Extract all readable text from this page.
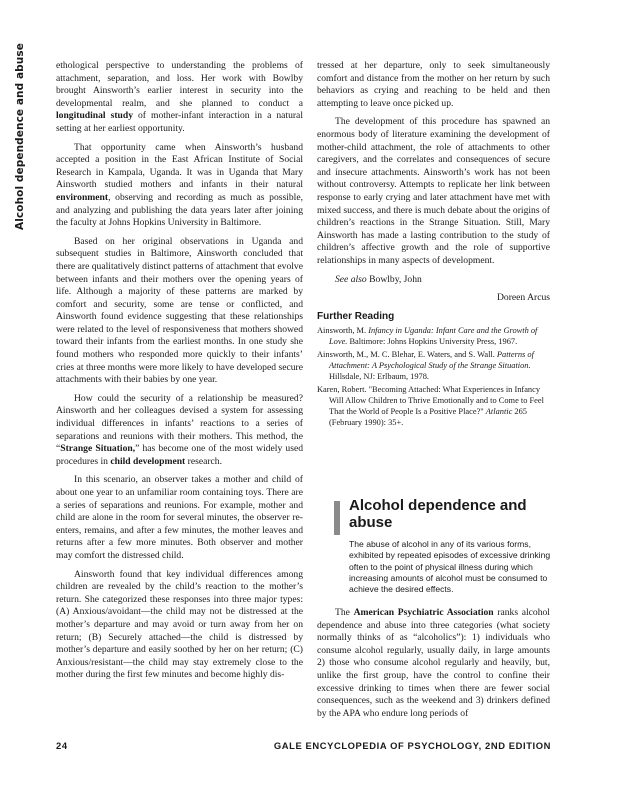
Alcohol dependence and abuse	ethological perspective to understanding the problems of attachment, separation, and loss. Her work with Bowlby brought Ainsworth’s earlier interest in security into the developmental realm, and she planned to conduct a longitudinal study of mother-infant interaction in a natural setting at her earliest opportunity.

That opportunity came when Ainsworth’s husband accepted a position in the East African Institute of Social Research in Kampala, Uganda. It was in Uganda that Mary Ainsworth studied mothers and infants in their natural environment, observing and recording as much as possible, and analyzing and publishing the data years later after joining the faculty at Johns Hopkins University in Baltimore.

Based on her original observations in Uganda and subsequent studies in Baltimore, Ainsworth concluded that there are qualitatively distinct patterns of attachment that evolve between infants and their mothers over the opening years of life. Although a majority of these patterns are marked by comfort and security, some are tense or conflicted, and Ainsworth found evidence suggesting that these relationships were related to the level of responsiveness that mothers showed toward their infants from the earliest months. In one study she found mothers who responded more quickly to their infants’ cries at three months were more likely to have developed secure attachments with their babies by one year.

How could the security of a relationship be measured? Ainsworth and her colleagues devised a system for assessing individual differences in infants’ reactions to a series of separations and reunions with their mothers. This method, the “Strange Situation,” has become one of the most widely used procedures in child development research.

In this scenario, an observer takes a mother and child of about one year to an unfamiliar room containing toys. There are a series of separations and reunions. For example, mother and child are alone in the room for several minutes, the observer re-enters, remains, and after a few minutes, the mother leaves and returns after a few more minutes. Both observer and mother may comfort the distressed child.

Ainsworth found that key individual differences among children are revealed by the child’s reaction to the mother’s return. She categorized these responses into three major types: (A) Anxious/avoidant—the child may not be distressed at the mother’s departure and may avoid or turn away from her on return; (B) Securely attached—the child is distressed by mother’s departure and easily soothed by her on her return; (C) Anxious/resistant—the child may stay extremely close to the mother during the first few minutes and become highly dis-

tressed at her departure, only to seek simultaneously comfort and distance from the mother on her return by such behaviors as crying and reaching to be held and then attempting to leave once picked up.

The development of this procedure has spawned an enormous body of literature examining the development of mother-child attachment, the role of attachments to other caregivers, and the correlates and consequences of secure and insecure attachments. Ainsworth’s work has not been without controversy. Attempts to replicate her link between response to early crying and later attachment have met with mixed success, and there is much debate about the origins of children’s reactions in the Strange Situation. Still, Mary Ainsworth has made a lasting contribution to the study of children’s affective growth and the role of supportive relationships in many aspects of development.

See also Bowlby, John

Doreen Arcus

Further Reading
Ainsworth, M. Infancy in Uganda: Infant Care and the Growth of Love. Baltimore: Johns Hopkins University Press, 1967.
Ainsworth, M., M. C. Blehar, E. Waters, and S. Wall. Patterns of Attachment: A Psychological Study of the Strange Situation. Hillsdale, NJ: Erlbaum, 1978.
Karen, Robert. "Becoming Attached: What Experiences in Infancy Will Allow Children to Thrive Emotionally and to Come to Feel That the World of People Is a Positive Place?" Atlantic 265 (February 1990): 35+.
Alcohol dependence and abuse
The abuse of alcohol in any of its various forms, exhibited by repeated episodes of excessive drinking often to the point of physical illness during which increasing amounts of alcohol must be consumed to achieve the desired effects.

The American Psychiatric Association ranks alcohol dependence and abuse into three categories (what society normally thinks of as “alcoholics”): 1) individuals who consume alcohol regularly, usually daily, in large amounts 2) those who consume alcohol regularly and heavily, but, unlike the first group, have the control to confine their excessive drinking to times when there are fewer social consequences, such as the weekend and 3) drinkers defined by the APA who endure long periods of

24	GALE ENCYCLOPEDIA OF PSYCHOLOGY, 2ND EDITION
